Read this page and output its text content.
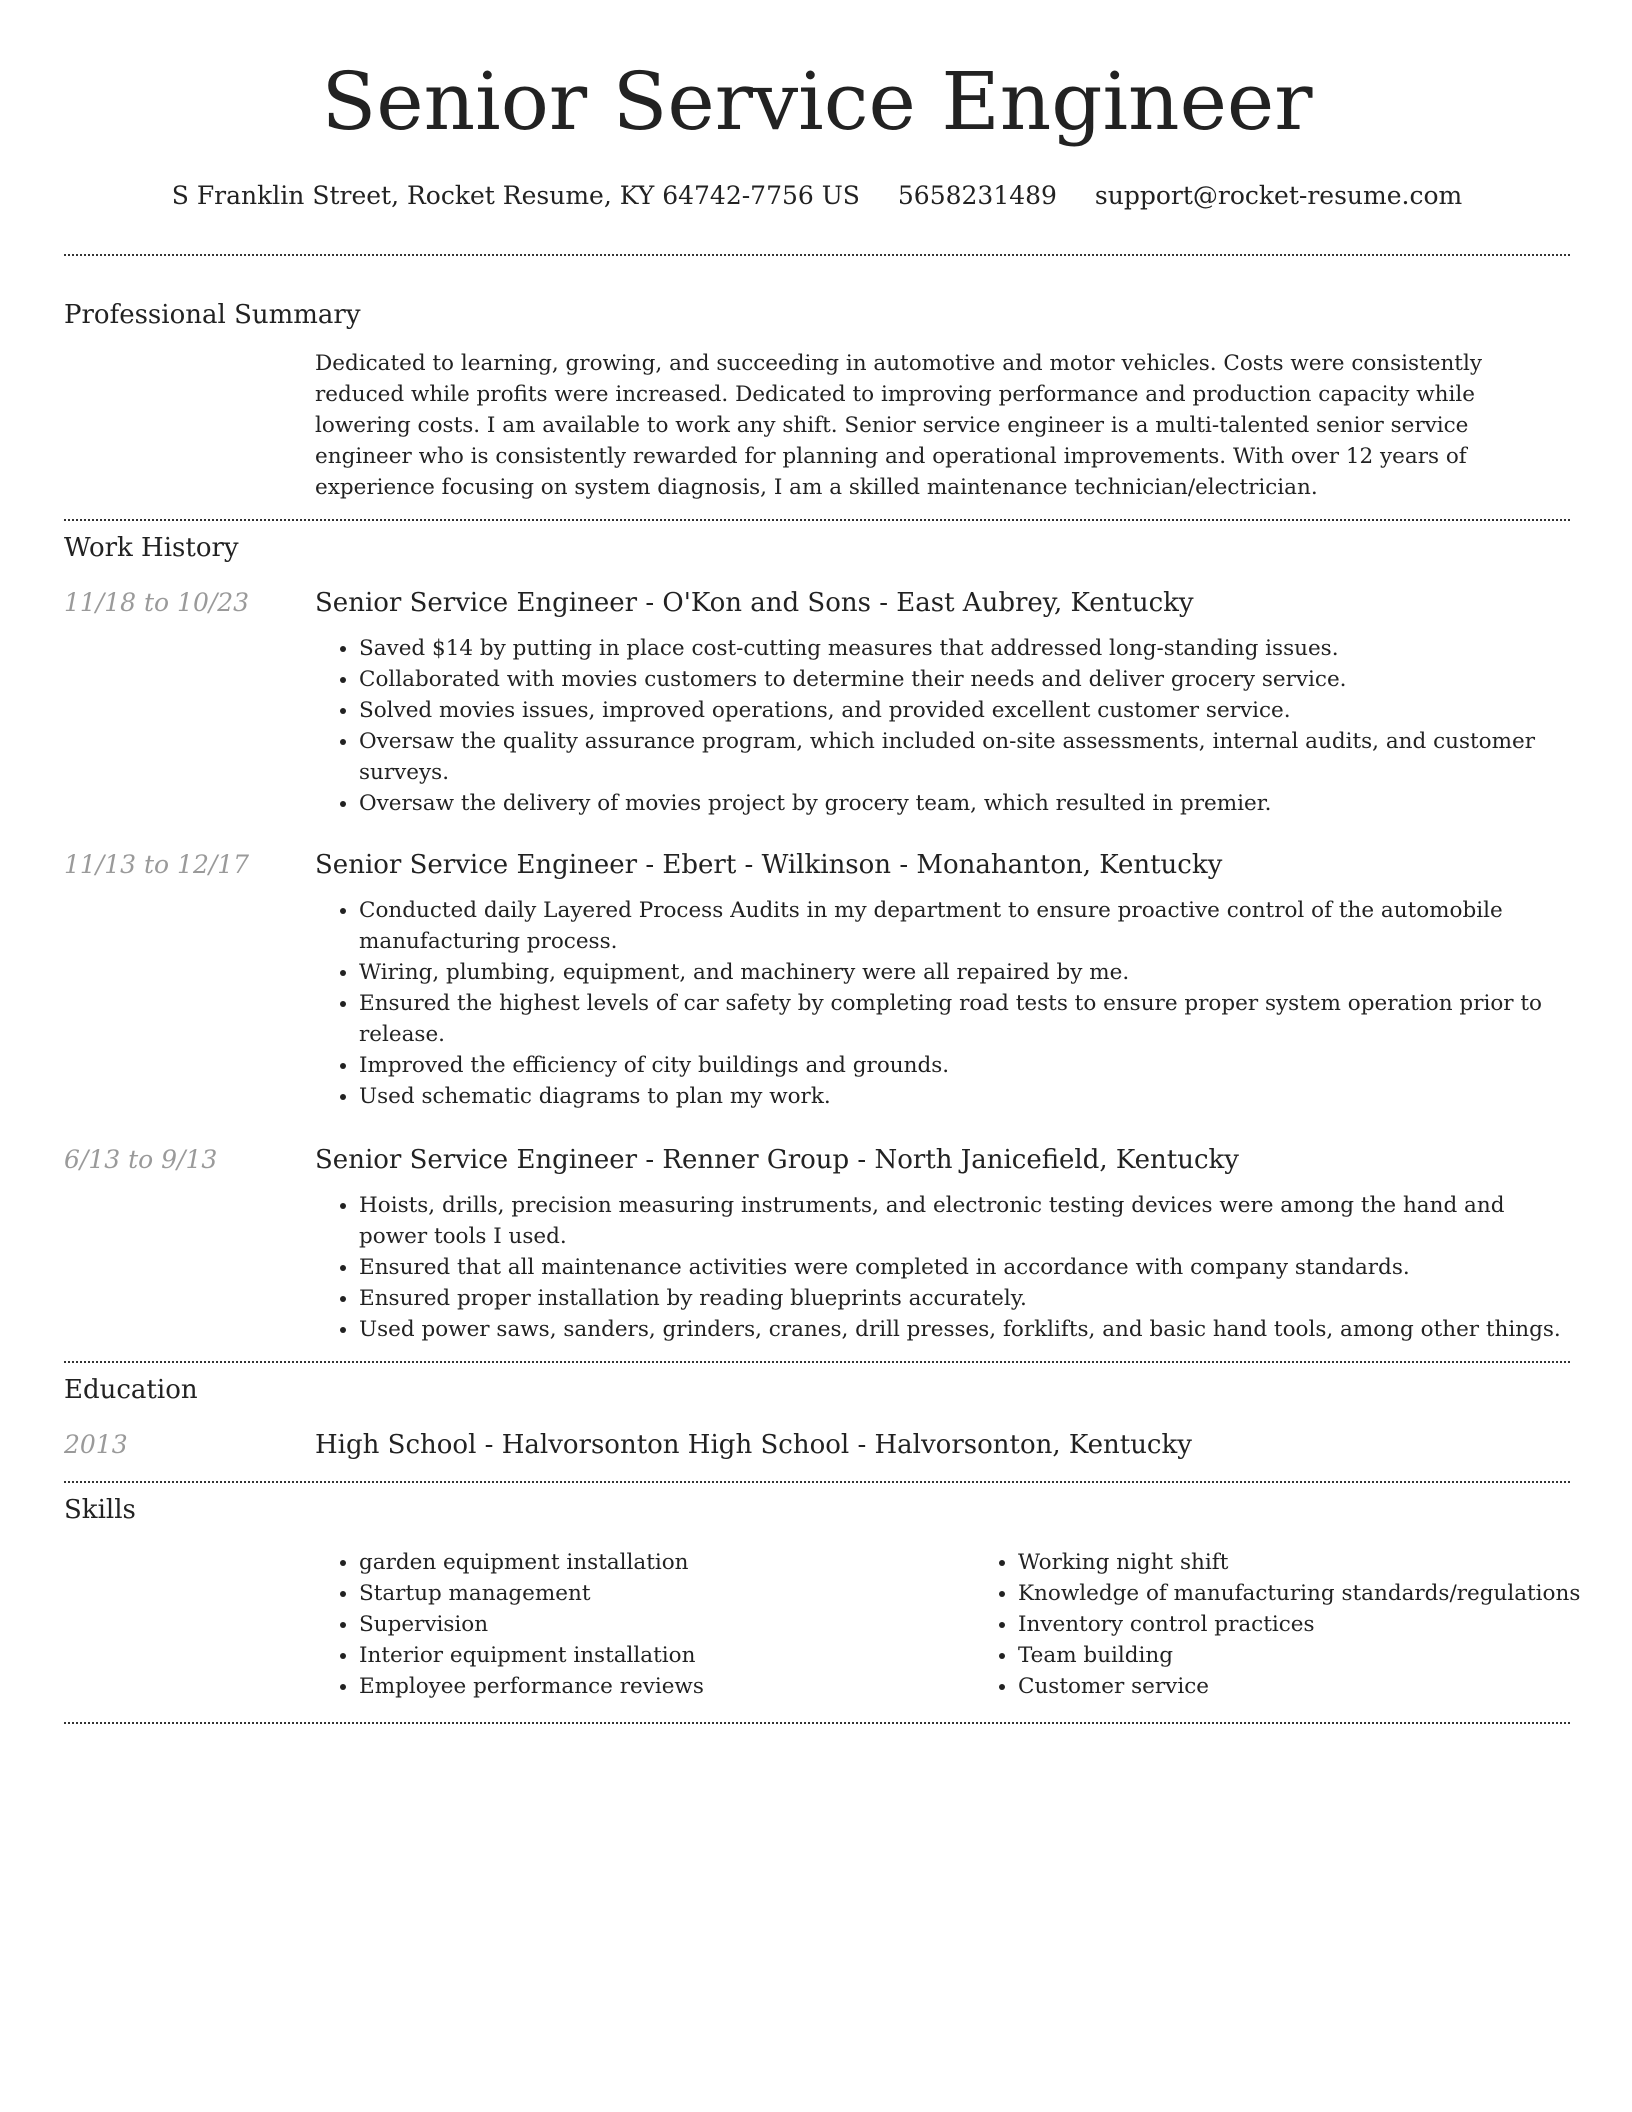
Senior Service Engineer
S Franklin Street, Rocket Resume, KY 64742-7756 US 5658231489 support@rocket-resume.com
Professional Summary

Dedicated to learning, growing, and succeeding in automotive and motor vehicles. Costs were consistently reduced while profits were increased. Dedicated to improving performance and production capacity while lowering costs. I am available to work any shift. Senior service engineer is a multi-talented senior service engineer who is consistently rewarded for planning and operational improvements. With over 12 years of experience focusing on system diagnosis, I am a skilled maintenance technician/electrician.

Work History
11/18 to 10/23	Senior Service Engineer - O'Kon and Sons - East Aubrey, Kentucky
• Saved $14 by putting in place cost-cutting measures that addressed long-standing issues.
• Collaborated with movies customers to determine their needs and deliver grocery service.
• Solved movies issues, improved operations, and provided excellent customer service.
• Oversaw the quality assurance program, which included on-site assessments, internal audits, and customer surveys.
• Oversaw the delivery of movies project by grocery team, which resulted in premier.
11/13 to 12/17	Senior Service Engineer - Ebert - Wilkinson - Monahanton, Kentucky
• Conducted daily Layered Process Audits in my department to ensure proactive control of the automobile manufacturing process.
• Wiring, plumbing, equipment, and machinery were all repaired by me.
• Ensured the highest levels of car safety by completing road tests to ensure proper system operation prior to release.
• Improved the efficiency of city buildings and grounds.
• Used schematic diagrams to plan my work.
6/13 to 9/13	Senior Service Engineer - Renner Group - North Janicefield, Kentucky
• Hoists, drills, precision measuring instruments, and electronic testing devices were among the hand and power tools I used.
• Ensured that all maintenance activities were completed in accordance with company standards.
• Ensured proper installation by reading blueprints accurately.
• Used power saws, sanders, grinders, cranes, drill presses, forklifts, and basic hand tools, among other things.
Education
2013	High School - Halvorsonton High School - Halvorsonton, Kentucky
Skills
• garden equipment installation
• Startup management
• Supervision
• Interior equipment installation
• Employee performance reviews
• Working night shift
• Knowledge of manufacturing standards/regulations
• Inventory control practices
• Team building
• Customer service
